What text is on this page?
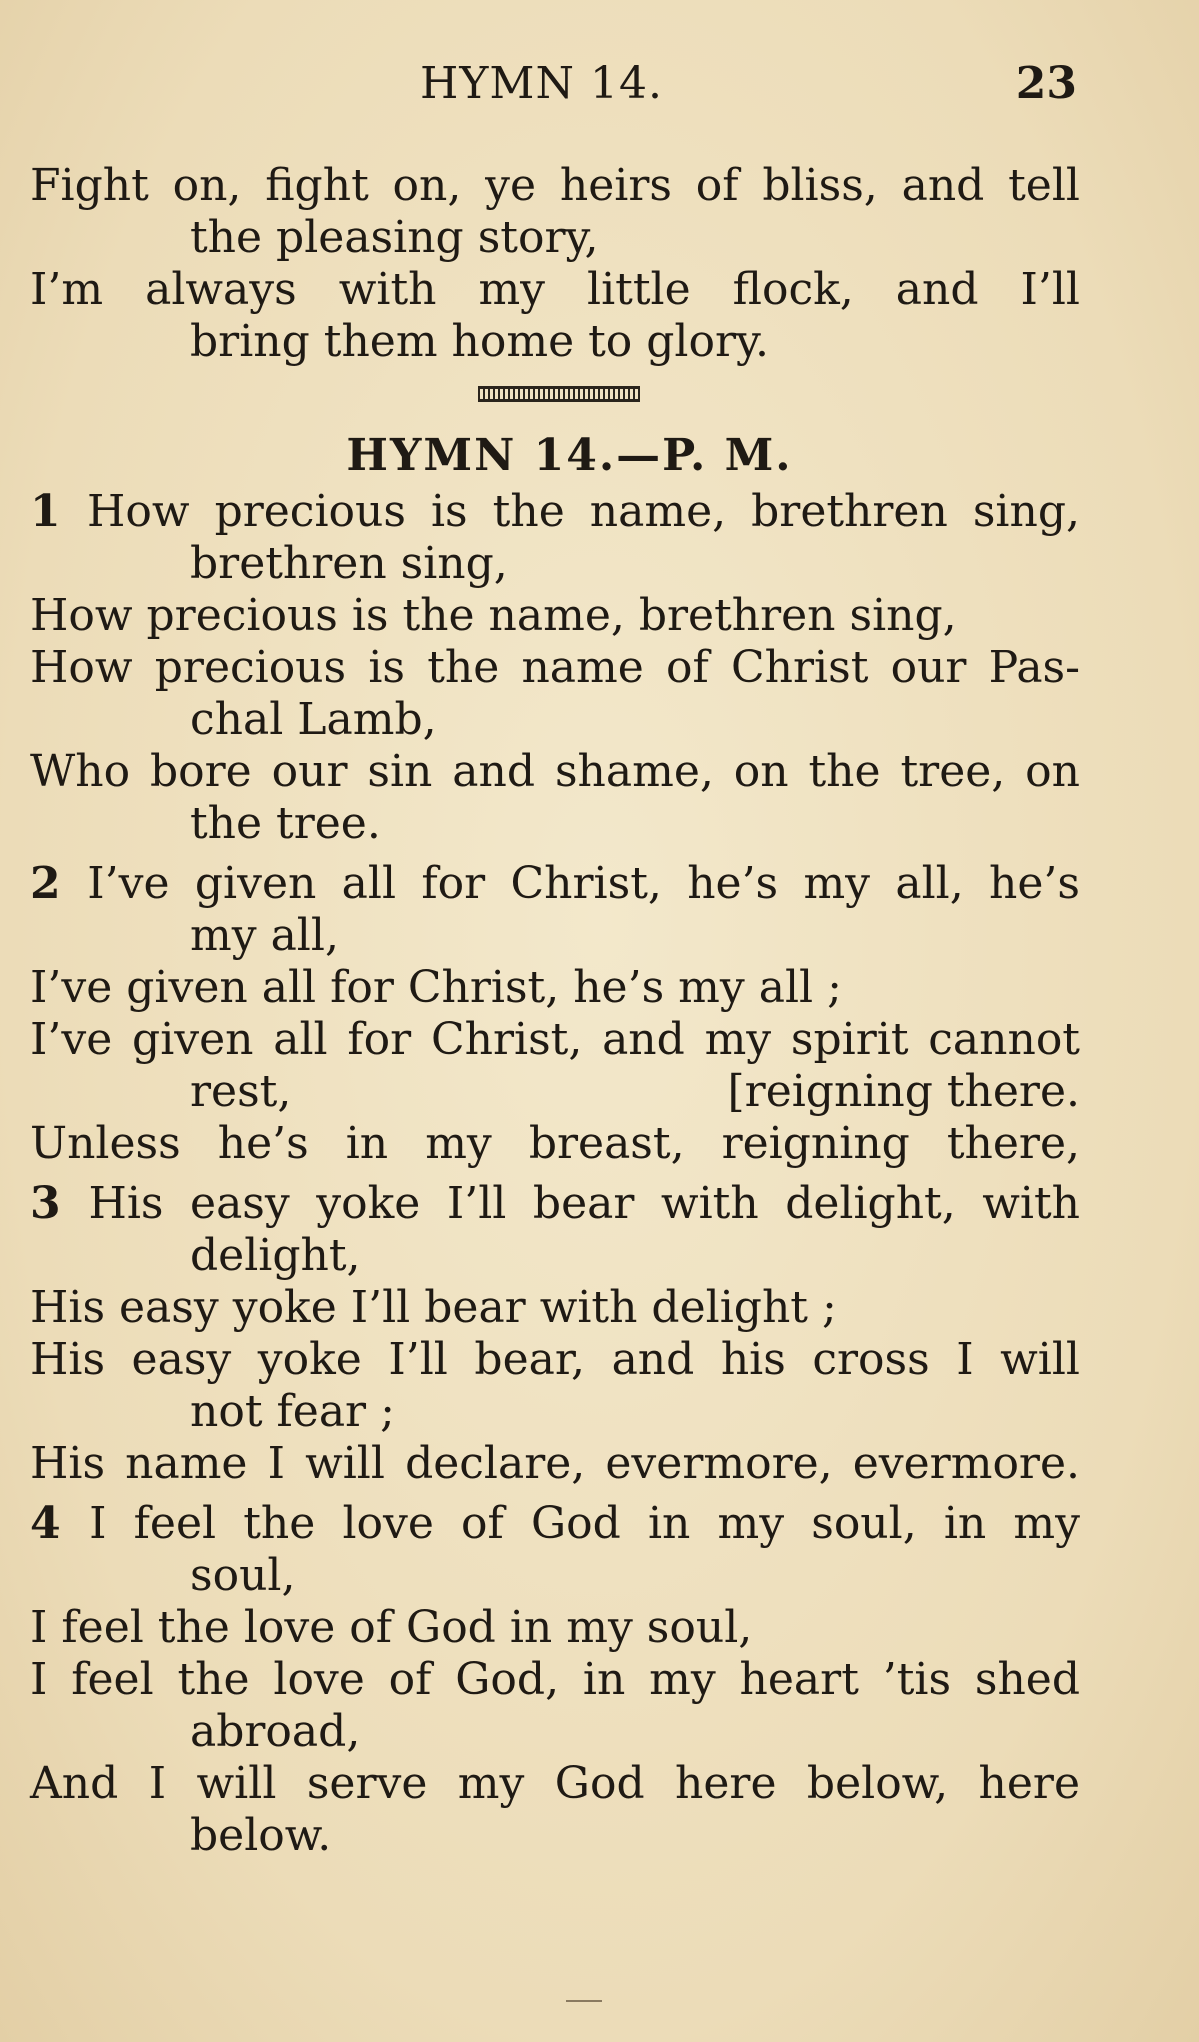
HYMN 14.	23
Fight on, fight on, ye heirs of bliss, and tell
the pleasing story,
I’m always with my little flock, and I’ll
bring them home to glory.
HYMN 14.—P. M.
1 How precious is the name, brethren sing,
brethren sing,
How precious is the name, brethren sing,
How precious is the name of Christ our Pas-
chal Lamb,
Who bore our sin and shame, on the tree, on
the tree.
2 I’ve given all for Christ, he’s my all, he’s
my all,
I’ve given all for Christ, he’s my all ;
I’ve given all for Christ, and my spirit cannot
rest,	[reigning there.
Unless he’s in my breast, reigning there,
3 His easy yoke I’ll bear with delight, with
delight,
His easy yoke I’ll bear with delight ;
His easy yoke I’ll bear, and his cross I will
not fear ;
His name I will declare, evermore, evermore.
4 I feel the love of God in my soul, in my
soul,
I feel the love of God in my soul,
I feel the love of God, in my heart ’tis shed
abroad,
And I will serve my God here below, here
below.
